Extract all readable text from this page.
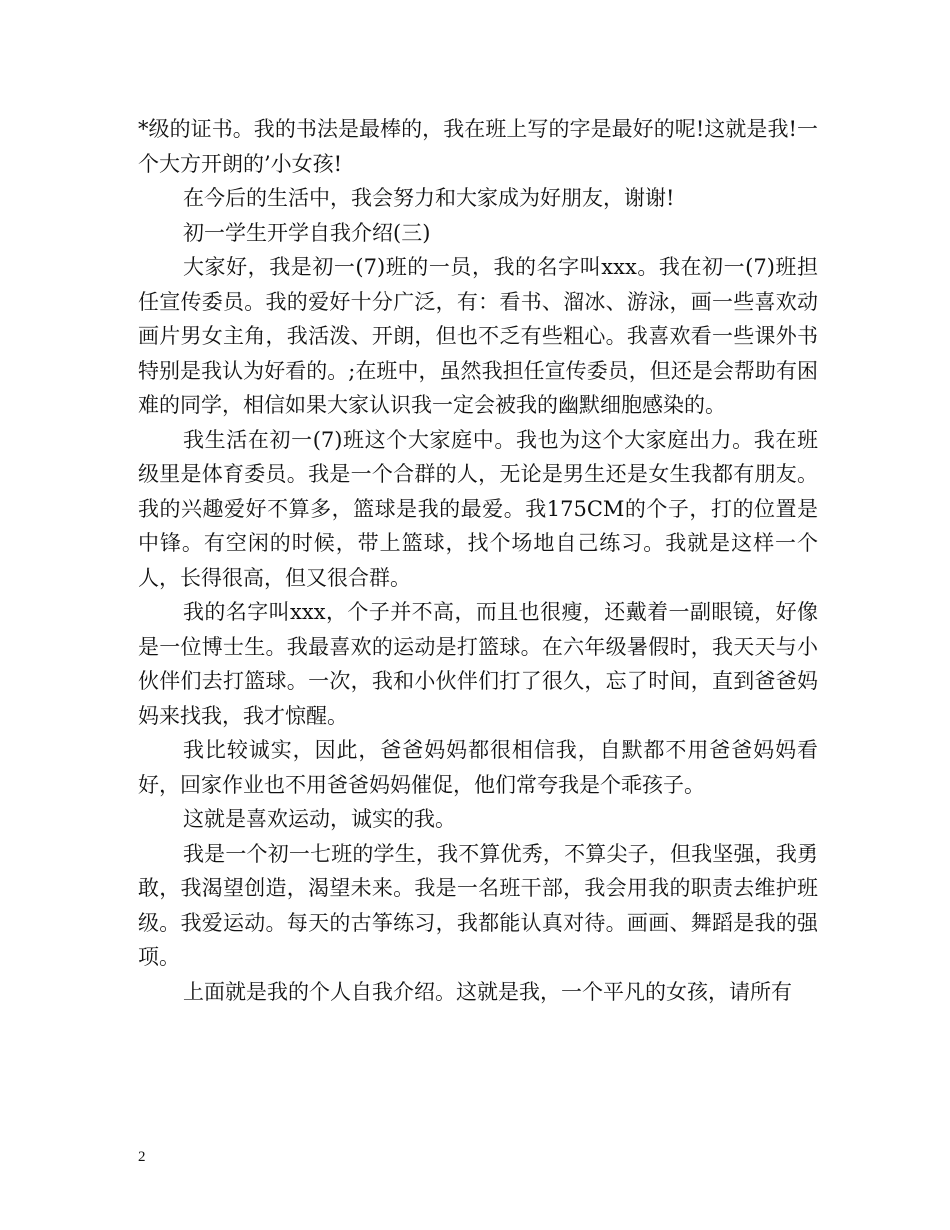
*级的证书。我的书法是最棒的，我在班上写的字是最好的呢!这就是我!一个大方开朗的’小女孩!

在今后的生活中，我会努力和大家成为好朋友，谢谢!

初一学生开学自我介绍(三)

大家好，我是初一(7)班的一员，我的名字叫xxx。我在初一(7)班担任宣传委员。我的爱好十分广泛，有：看书、溜冰、游泳，画一些喜欢动画片男女主角，我活泼、开朗，但也不乏有些粗心。我喜欢看一些课外书特别是我认为好看的。;在班中，虽然我担任宣传委员，但还是会帮助有困难的同学，相信如果大家认识我一定会被我的幽默细胞感染的。

我生活在初一(7)班这个大家庭中。我也为这个大家庭出力。我在班级里是体育委员。我是一个合群的人，无论是男生还是女生我都有朋友。我的兴趣爱好不算多，篮球是我的最爱。我175CM的个子，打的位置是中锋。有空闲的时候，带上篮球，找个场地自己练习。我就是这样一个人，长得很高，但又很合群。

我的名字叫xxx，个子并不高，而且也很瘦，还戴着一副眼镜，好像是一位博士生。我最喜欢的运动是打篮球。在六年级暑假时，我天天与小伙伴们去打篮球。一次，我和小伙伴们打了很久，忘了时间，直到爸爸妈妈来找我，我才惊醒。

我比较诚实，因此，爸爸妈妈都很相信我，自默都不用爸爸妈妈看好，回家作业也不用爸爸妈妈催促，他们常夸我是个乖孩子。

这就是喜欢运动，诚实的我。

我是一个初一七班的学生，我不算优秀，不算尖子，但我坚强，我勇敢，我渴望创造，渴望未来。我是一名班干部，我会用我的职责去维护班级。我爱运动。每天的古筝练习，我都能认真对待。画画、舞蹈是我的强项。

上面就是我的个人自我介绍。这就是我，一个平凡的女孩，请所有

2
